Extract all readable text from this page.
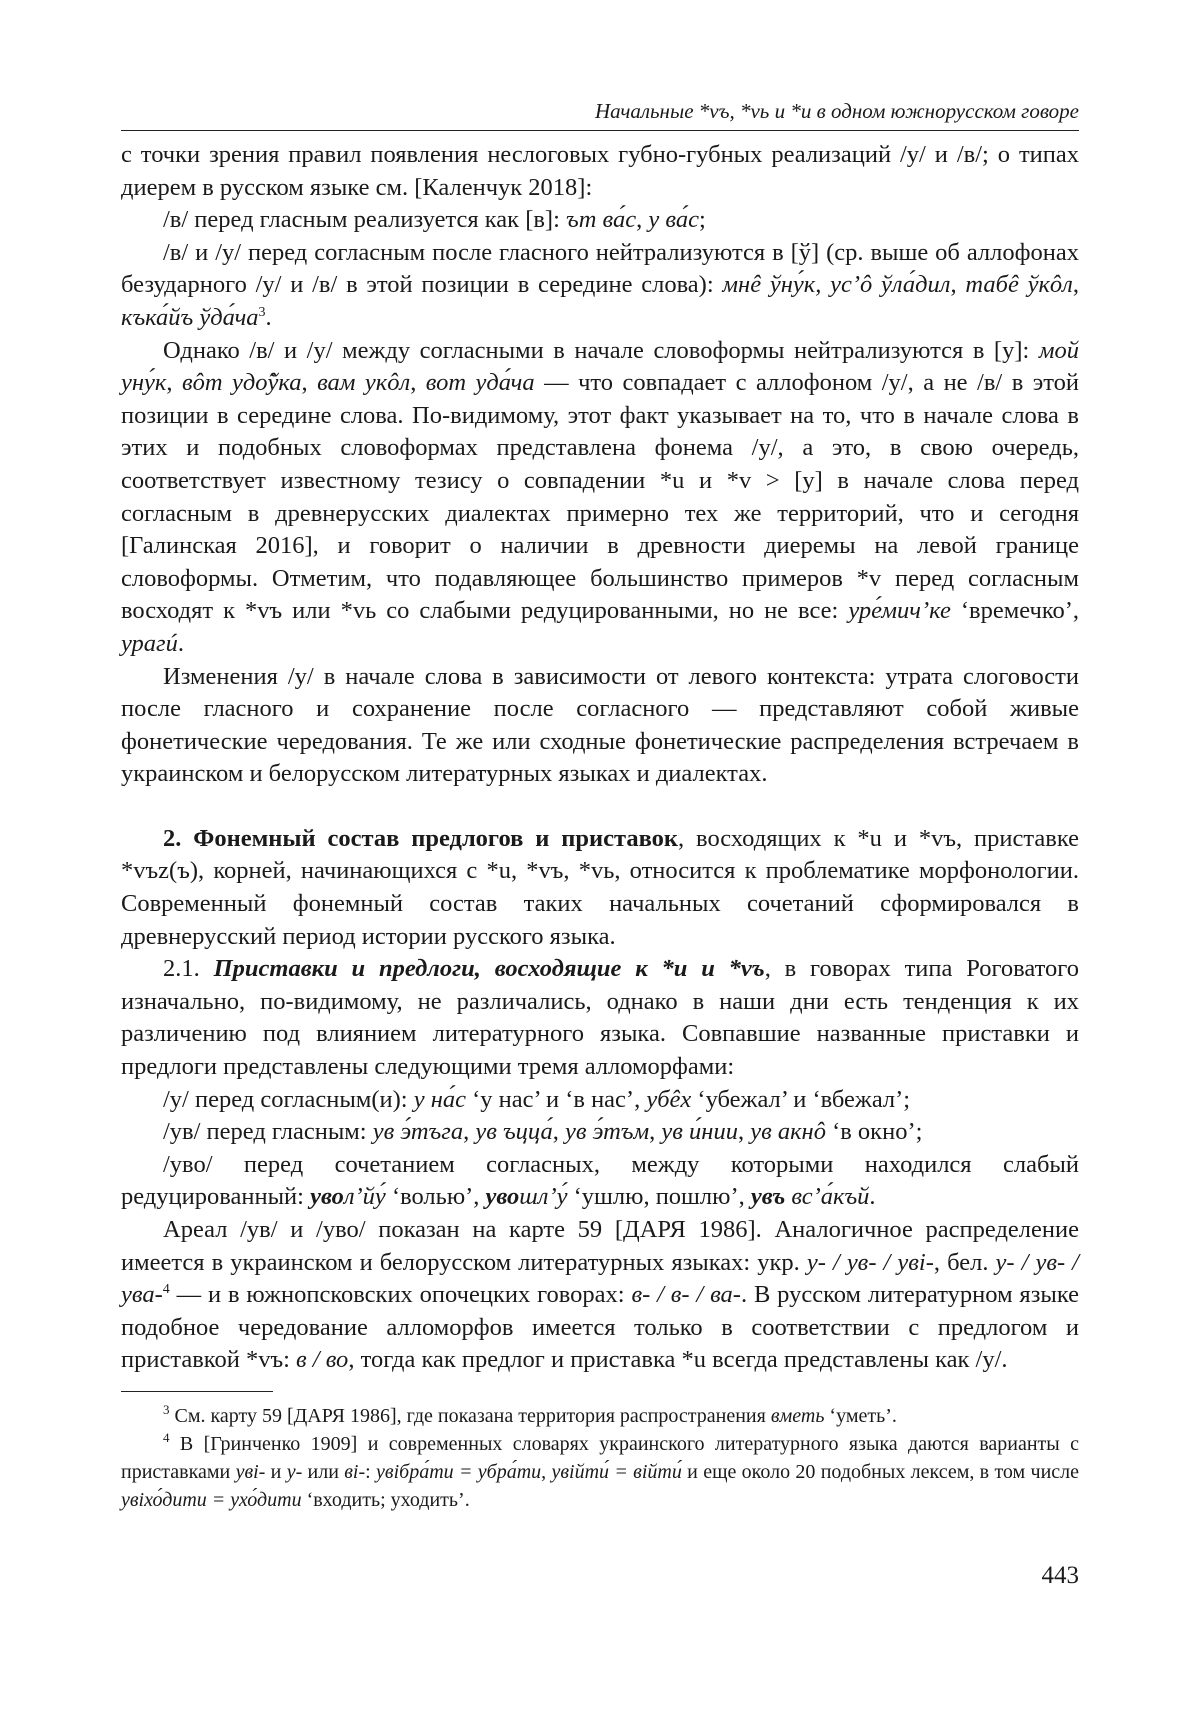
Начальные *vъ, *vь и *u в одном южнорусском говоре

с точки зрения правил появления неслоговых губно-губных реализаций /у/ и /в/; о типах диерем в русском языке см. [Каленчук 2018]:

/в/ перед гласным реализуется как [в]: ът ва́с, у ва́с;

/в/ и /у/ перед согласным после гласного нейтрализуются в [ў] (ср. выше об аллофонах безударного /у/ и /в/ в этой позиции в середине слова): мнê ўну́к, ус’ô ўла́дил, табê ўкôл, къка́йъ $ўда́ча^3$.

Однако /в/ и /у/ между согласными в начале словоформы нейтрализуются в [у]: мой уну́к, вôт удо̂ўка, вам укôл, вот уда́ча — что совпадает с аллофоном /у/, а не /в/ в этой позиции в середине слова. По-видимому, этот факт указывает на то, что в начале слова в этих и подобных словоформах представлена фонема /у/, а это, в свою очередь, соответствует известному тезису о совпадении *u и *v > [у] в начале слова перед согласным в древнерусских диалектах примерно тех же территорий, что и сегодня [Галинская 2016], и говорит о наличии в древности диеремы на левой границе словоформы. Отметим, что подавляющее большинство примеров *v перед согласным восходят к *vъ или *vь со слабыми редуцированными, но не все: уре́мич’ке ‘времечко’, урагú.

Изменения /у/ в начале слова в зависимости от левого контекста: утрата слоговости после гласного и сохранение после согласного — представляют собой живые фонетические чередования. Те же или сходные фонетические распределения встречаем в украинском и белорусском литературных языках и диалектах.

2. Фонемный состав предлогов и приставок, восходящих к *u и *vъ, приставке *vъz(ъ), корней, начинающихся с *u, *vъ, *vь, относится к проблематике морфонологии. Современный фонемный состав таких начальных сочетаний сформировался в древнерусский период истории русского языка.

2.1. Приставки и предлоги, восходящие к *u и *vъ, в говорах типа Роговатого изначально, по-видимому, не различались, однако в наши дни есть тенденция к их различению под влиянием литературного языка. Совпавшие названные приставки и предлоги представлены следующими тремя алломорфами:

/у/ перед согласным(и): у на́с ‘у нас’ и ‘в нас’, убêх ‘убежал’ и ‘вбежал’;

/ув/ перед гласным: ув э́тъга, ув ъцца́, ув э́тъм, ув и́нии, ув акнô ‘в окно’;

/уво/ перед сочетанием согласных, между которыми находился слабый редуцированный: увол’йу́ ‘волью’, увошл’у́ ‘ушлю, пошлю’, увъ вс’а́къй.

Ареал /ув/ и /уво/ показан на карте 59 [ДАРЯ 1986]. Аналогичное распределение имеется в украинском и белорусском литературных языках: укр. у- / ув- / уві-, бел. у- / ув- / ува-$^4$ — и в южнопсковских опочецких говорах: в- / в- / ва-. В русском литературном языке подобное чередование алломорфов имеется только в соответствии с предлогом и приставкой *vъ: в / во, тогда как предлог и приставка *u всегда представлены как /у/.

$^3$ См. карту 59 [ДАРЯ 1986], где показана территория распространения вметь ‘уметь’.

$^4$ В [Гринченко 1909] и современных словарях украинского литературного языка даются варианты с приставками уві- и у- или ві-: увібра́ти = убра́ти, увійти́ = війти́ и еще около 20 подобных лексем, в том числе увіхо́дити = ухо́дити ‘входить; уходить’.

443
